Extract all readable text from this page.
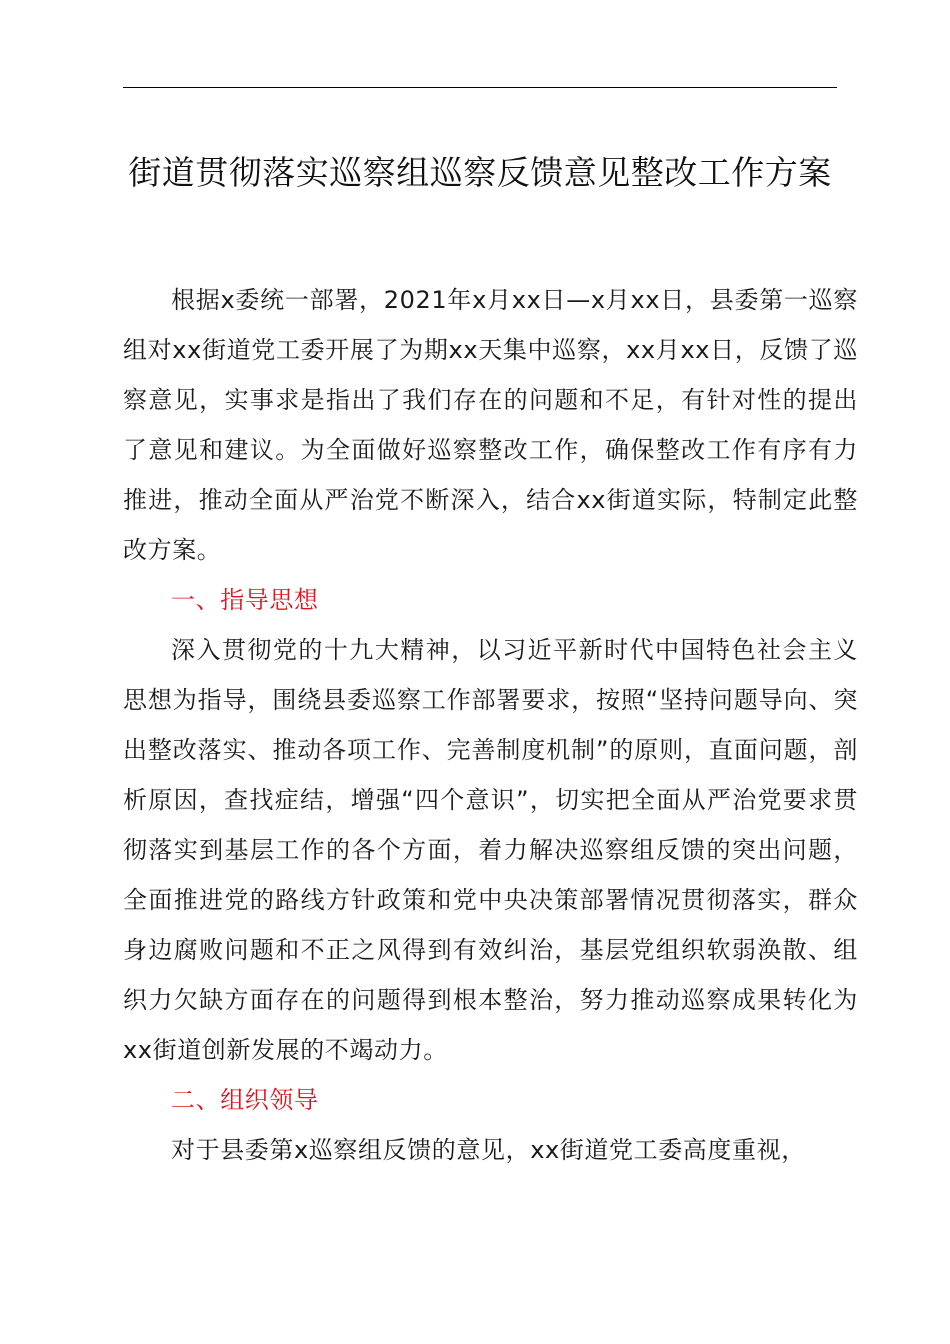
街道贯彻落实巡察组巡察反馈意见整改工作方案

根据x委统一部署，2021年x月xx日—x月xx日，县委第一巡察组对xx街道党工委开展了为期xx天集中巡察，xx月xx日，反馈了巡察意见，实事求是指出了我们存在的问题和不足，有针对性的提出了意见和建议。为全面做好巡察整改工作，确保整改工作有序有力推进，推动全面从严治党不断深入，结合xx街道实际，特制定此整改方案。

一、指导思想

深入贯彻党的十九大精神，以习近平新时代中国特色社会主义思想为指导，围绕县委巡察工作部署要求，按照“坚持问题导向、突出整改落实、推动各项工作、完善制度机制”的原则，直面问题，剖析原因，查找症结，增强“四个意识”，切实把全面从严治党要求贯彻落实到基层工作的各个方面，着力解决巡察组反馈的突出问题，全面推进党的路线方针政策和党中央决策部署情况贯彻落实，群众身边腐败问题和不正之风得到有效纠治，基层党组织软弱涣散、组织力欠缺方面存在的问题得到根本整治，努力推动巡察成果转化为xx街道创新发展的不竭动力。

二、组织领导

对于县委第x巡察组反馈的意见，xx街道党工委高度重视，
